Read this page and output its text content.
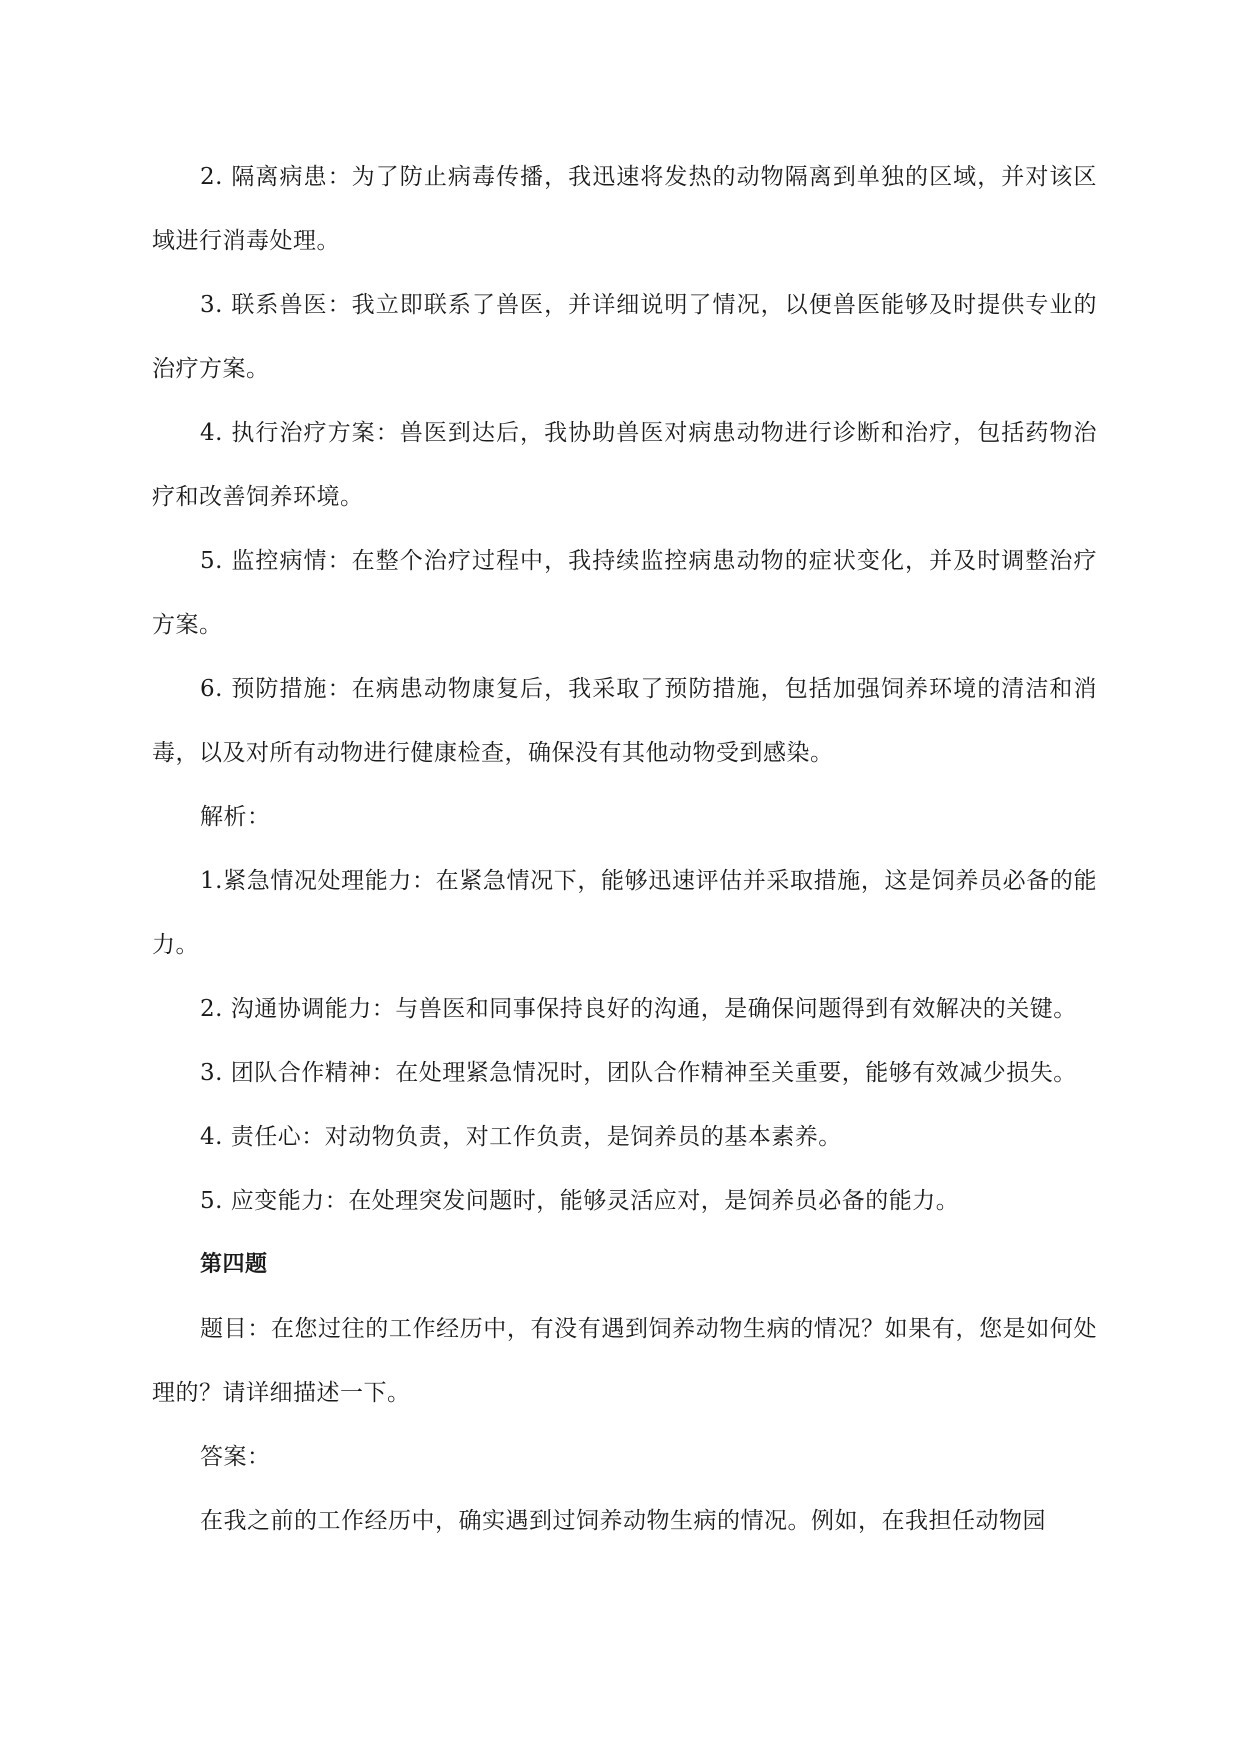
2. 隔离病患：为了防止病毒传播，我迅速将发热的动物隔离到单独的区域，并对该区域进行消毒处理。

3. 联系兽医：我立即联系了兽医，并详细说明了情况，以便兽医能够及时提供专业的治疗方案。

4. 执行治疗方案：兽医到达后，我协助兽医对病患动物进行诊断和治疗，包括药物治疗和改善饲养环境。

5. 监控病情：在整个治疗过程中，我持续监控病患动物的症状变化，并及时调整治疗方案。

6. 预防措施：在病患动物康复后，我采取了预防措施，包括加强饲养环境的清洁和消毒，以及对所有动物进行健康检查，确保没有其他动物受到感染。

解析：

1.紧急情况处理能力：在紧急情况下，能够迅速评估并采取措施，这是饲养员必备的能力。

2. 沟通协调能力：与兽医和同事保持良好的沟通，是确保问题得到有效解决的关键。

3. 团队合作精神：在处理紧急情况时，团队合作精神至关重要，能够有效减少损失。

4. 责任心：对动物负责，对工作负责，是饲养员的基本素养。

5. 应变能力：在处理突发问题时，能够灵活应对，是饲养员必备的能力。

第四题

题目：在您过往的工作经历中，有没有遇到饲养动物生病的情况？如果有，您是如何处理的？请详细描述一下。

答案：

在我之前的工作经历中，确实遇到过饲养动物生病的情况。例如，在我担任动物园
